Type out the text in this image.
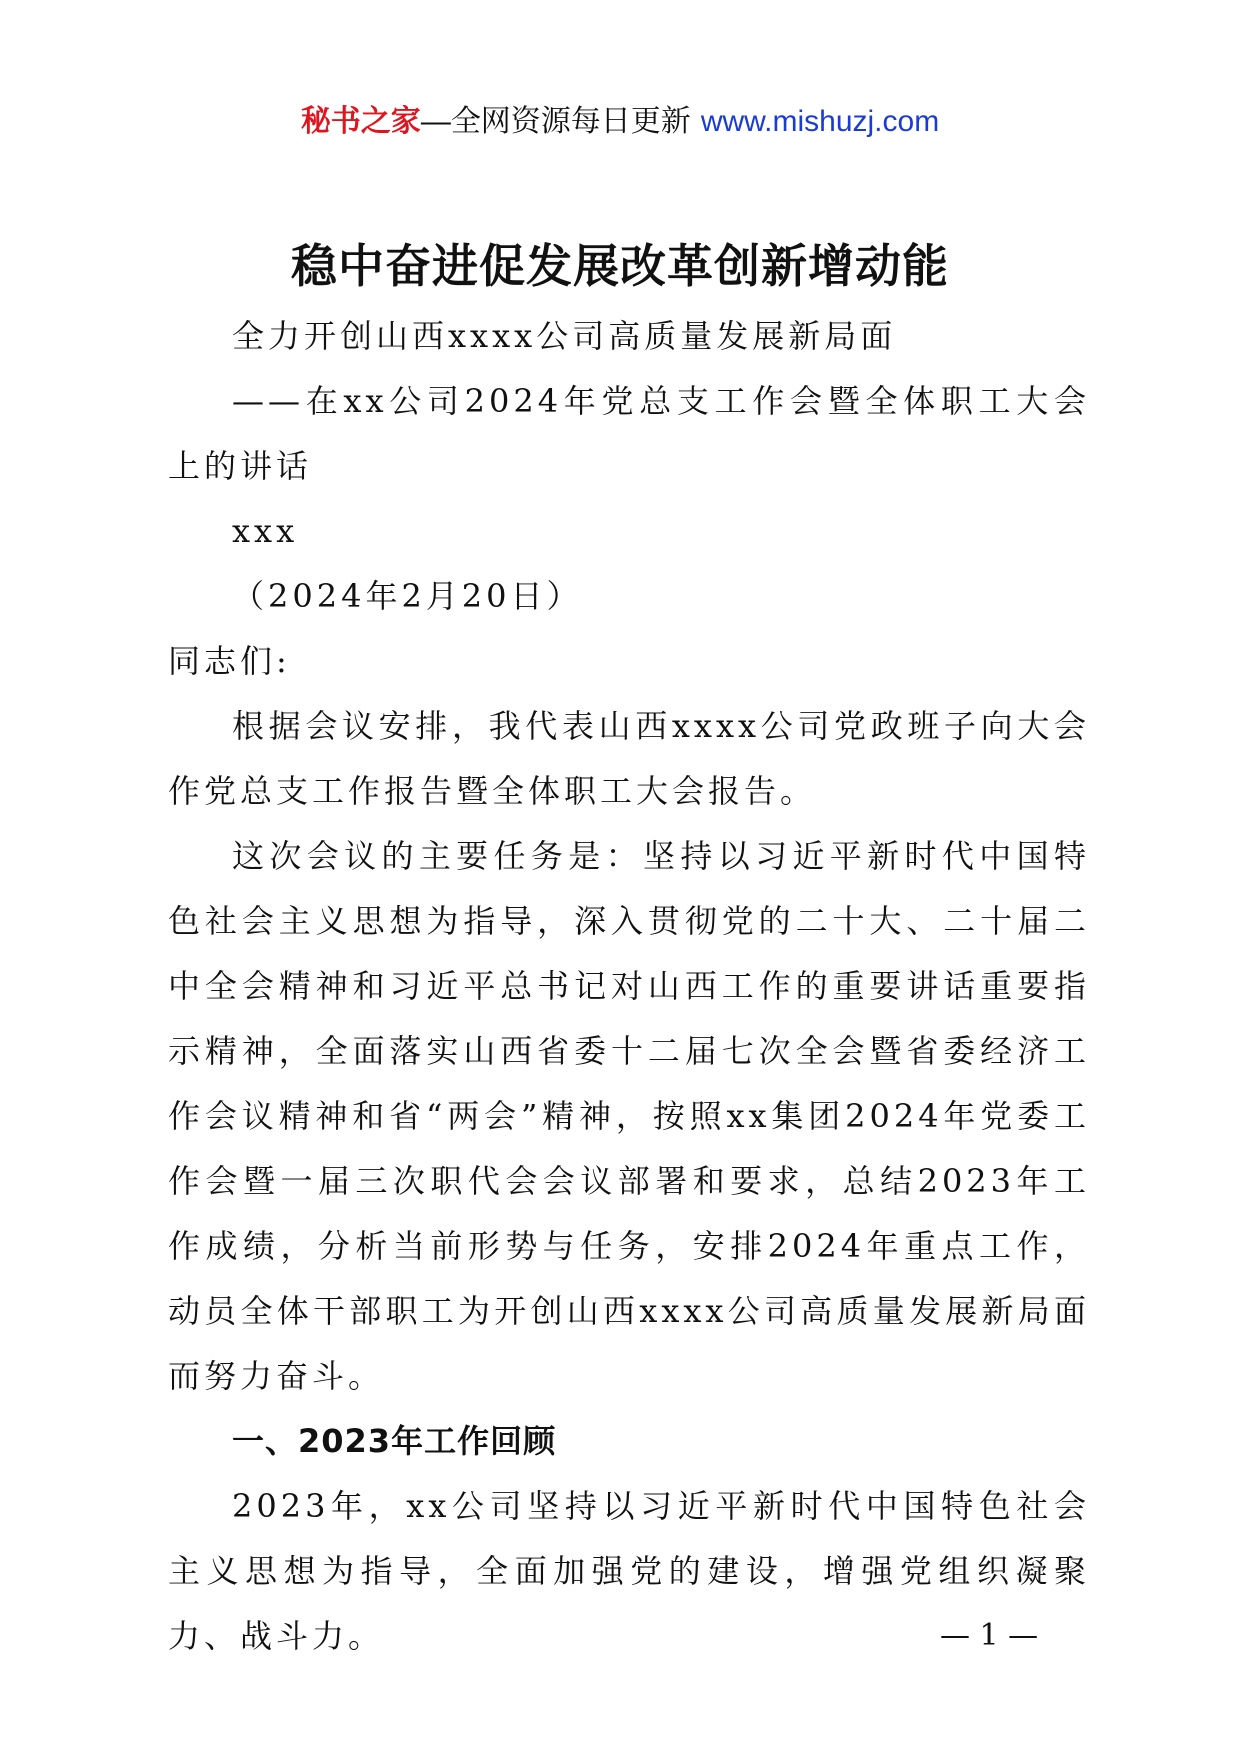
秘书之家—全网资源每日更新 www.mishuzj.com
稳中奋进促发展改革创新增动能

全力开创山西xxxx公司高质量发展新局面

——在xx公司2024年党总支工作会暨全体职工大会上的讲话

xxx

（2024年2月20日）

同志们:

根据会议安排，我代表山西xxxx公司党政班子向大会作党总支工作报告暨全体职工大会报告。

这次会议的主要任务是：坚持以习近平新时代中国特色社会主义思想为指导，深入贯彻党的二十大、二十届二中全会精神和习近平总书记对山西工作的重要讲话重要指示精神，全面落实山西省委十二届七次全会暨省委经济工作会议精神和省“两会”精神，按照xx集团2024年党委工作会暨一届三次职代会会议部署和要求，总结2023年工作成绩，分析当前形势与任务，安排2024年重点工作，动员全体干部职工为开创山西xxxx公司高质量发展新局面而努力奋斗。

一、2023年工作回顾

2023年，xx公司坚持以习近平新时代中国特色社会主义思想为指导，全面加强党的建设，增强党组织凝聚力、战斗力。	— 1 —
